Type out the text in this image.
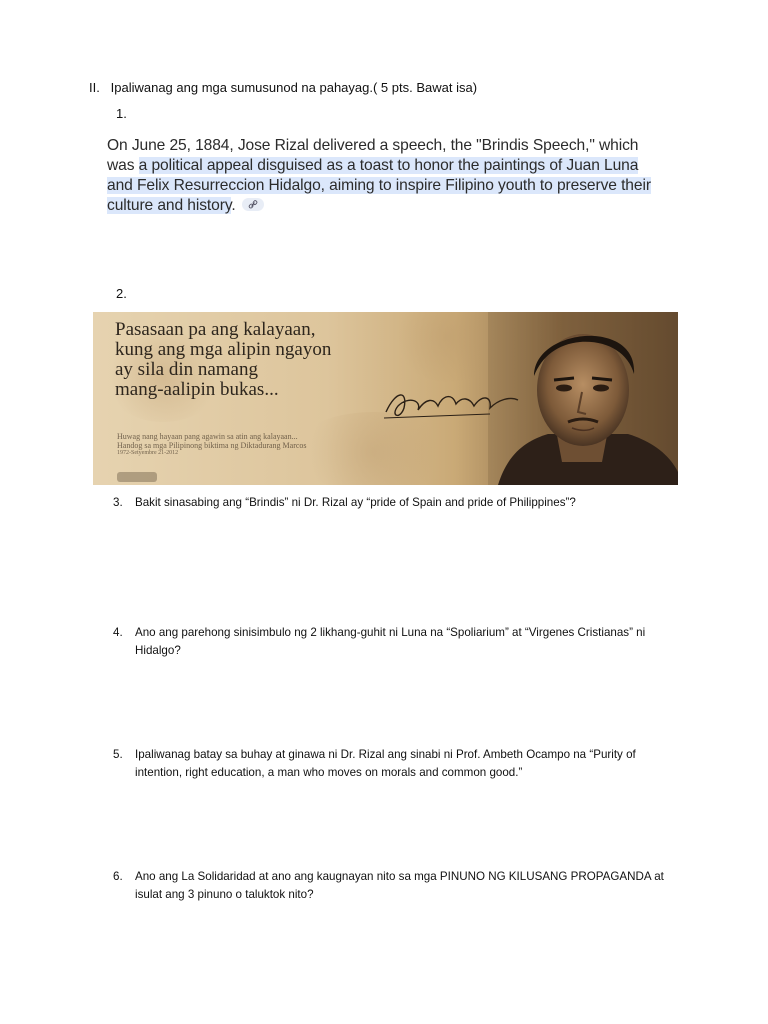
II. Ipaliwanag ang mga sumusunod na pahayag.( 5 pts. Bawat isa)
1.
On June 25, 1884, Jose Rizal delivered a speech, the "Brindis Speech," which was a political appeal disguised as a toast to honor the paintings of Juan Luna and Felix Resurreccion Hidalgo, aiming to inspire Filipino youth to preserve their culture and history.
2.
Pasasaan pa ang kalayaan,
kung ang mga alipin ngayon
ay sila din namang
mang-aalipin bukas...
Huwag nang hayaan pang agawin sa atin ang kalayaan...
Handog sa mga Pilipinong biktima ng Diktadurang Marcos
1972-Setyembre 21-2012
3. Bakit sinasabing ang “Brindis” ni Dr. Rizal ay “pride of Spain and pride of Philippines”?
4. Ano ang parehong sinisimbulo ng 2 likhang-guhit ni Luna na “Spoliarium” at “Virgenes Cristianas” ni Hidalgo?
5. Ipaliwanag batay sa buhay at ginawa ni Dr. Rizal ang sinabi ni Prof. Ambeth Ocampo na “Purity of intention, right education, a man who moves on morals and common good.”
6. Ano ang La Solidaridad at ano ang kaugnayan nito sa mga PINUNO NG KILUSANG PROPAGANDA at isulat ang 3 pinuno o taluktok nito?
